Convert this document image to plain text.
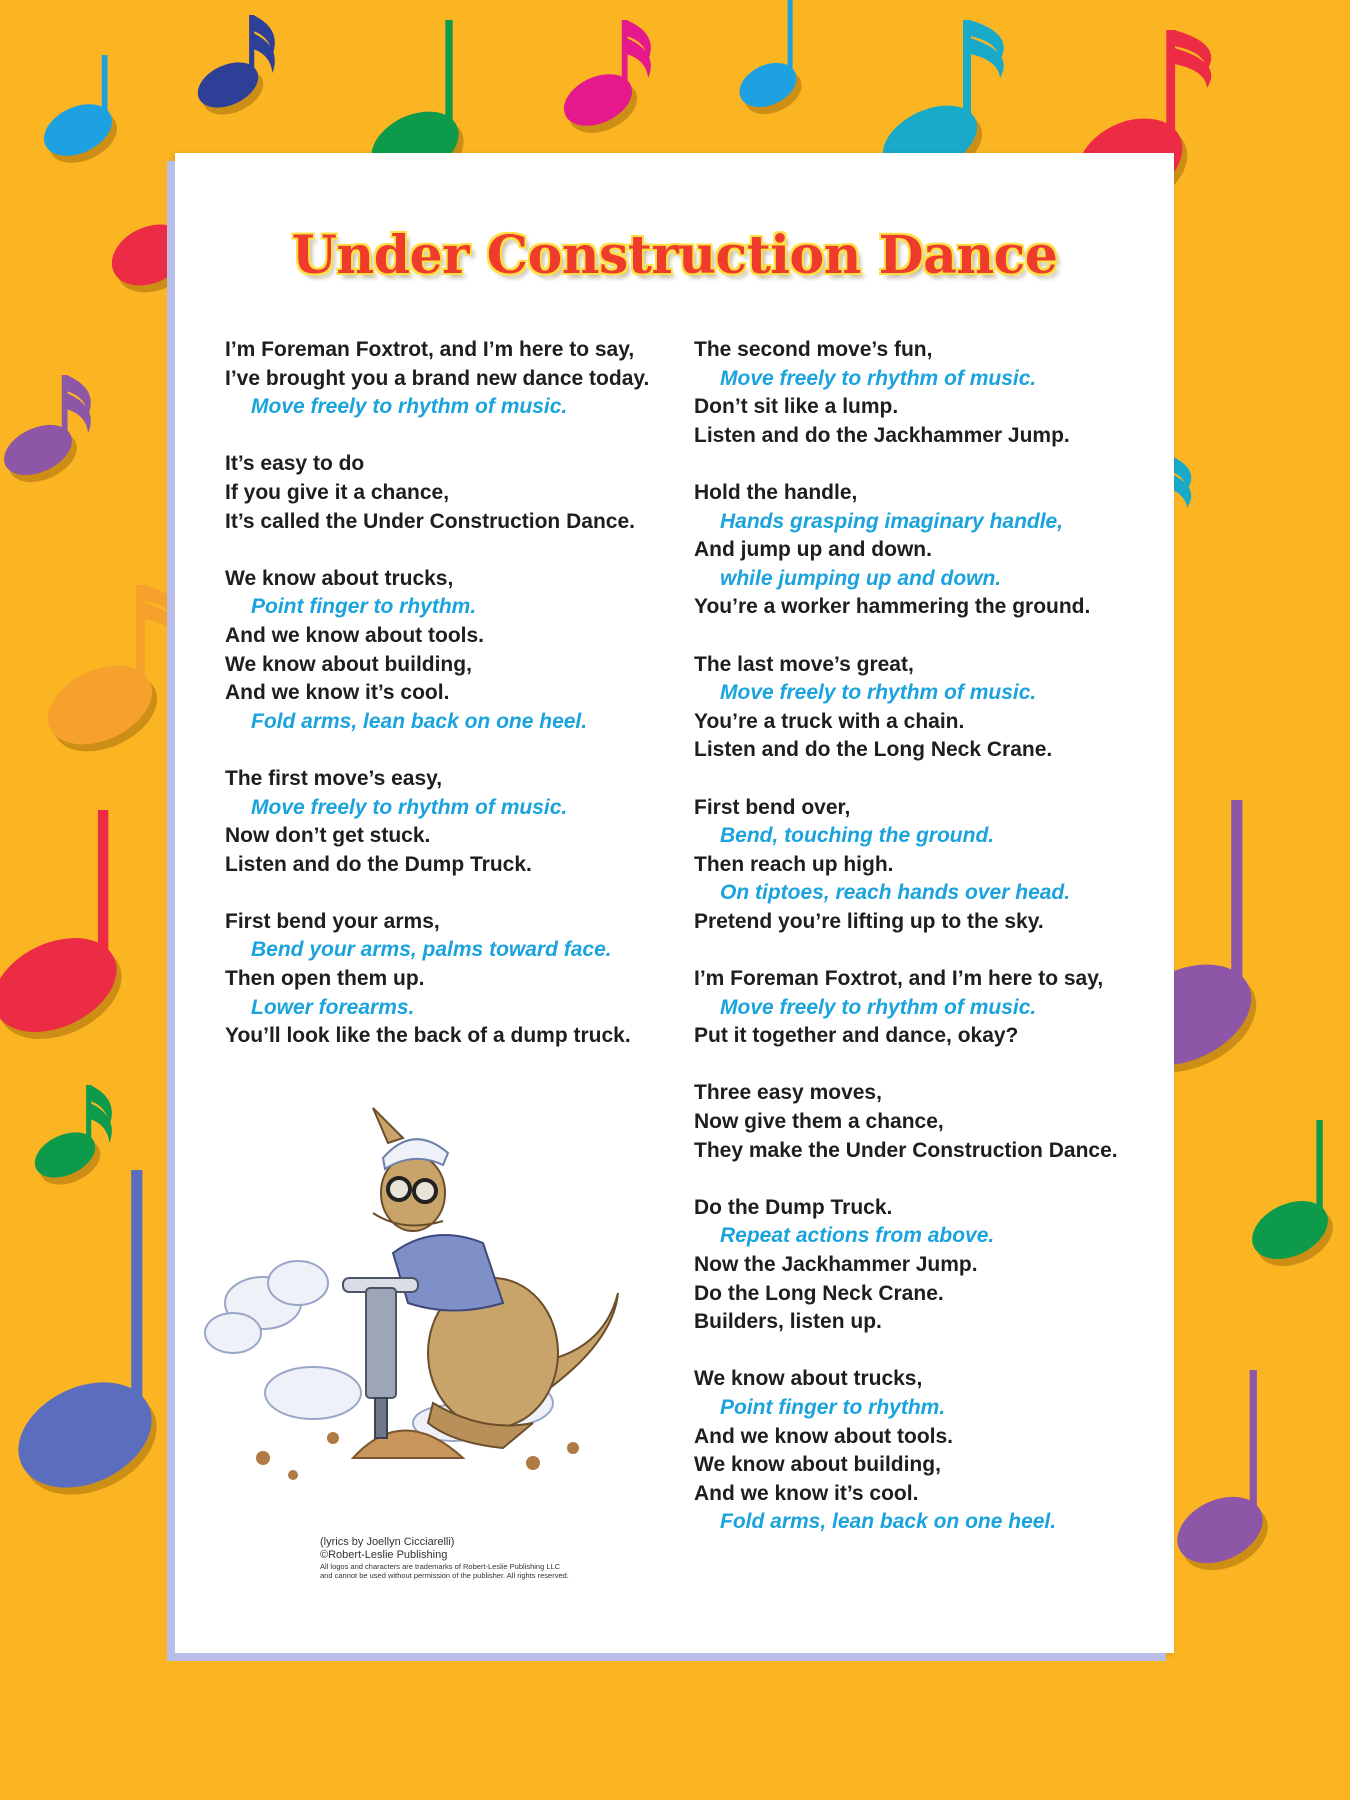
Under Construction Dance
I’m Foreman Foxtrot, and I’m here to say,
I’ve brought you a brand new dance today.
Move freely to rhythm of music.
It’s easy to do
If you give it a chance,
It’s called the Under Construction Dance.
We know about trucks,
Point finger to rhythm.
And we know about tools.
We know about building,
And we know it’s cool.
Fold arms, lean back on one heel.
The first move’s easy,
Move freely to rhythm of music.
Now don’t get stuck.
Listen and do the Dump Truck.
First bend your arms,
Bend your arms, palms toward face.
Then open them up.
Lower forearms.
You’ll look like the back of a dump truck.
The second move’s fun,
Move freely to rhythm of music.
Don’t sit like a lump.
Listen and do the Jackhammer Jump.
Hold the handle,
Hands grasping imaginary handle,
And jump up and down.
while jumping up and down.
You’re a worker hammering the ground.
The last move’s great,
Move freely to rhythm of music.
You’re a truck with a chain.
Listen and do the Long Neck Crane.
First bend over,
Bend, touching the ground.
Then reach up high.
On tiptoes, reach hands over head.
Pretend you’re lifting up to the sky.
I’m Foreman Foxtrot, and I’m here to say,
Move freely to rhythm of music.
Put it together and dance, okay?
Three easy moves,
Now give them a chance,
They make the Under Construction Dance.
Do the Dump Truck.
Repeat actions from above.
Now the Jackhammer Jump.
Do the Long Neck Crane.
Builders, listen up.
We know about trucks,
Point finger to rhythm.
And we know about tools.
We know about building,
And we know it’s cool.
Fold arms, lean back on one heel.
(lyrics by Joellyn Cicciarelli)
©Robert-Leslie Publishing
All logos and characters are trademarks of Robert-Leslie Publishing LLC
and cannot be used without permission of the publisher. All rights reserved.
